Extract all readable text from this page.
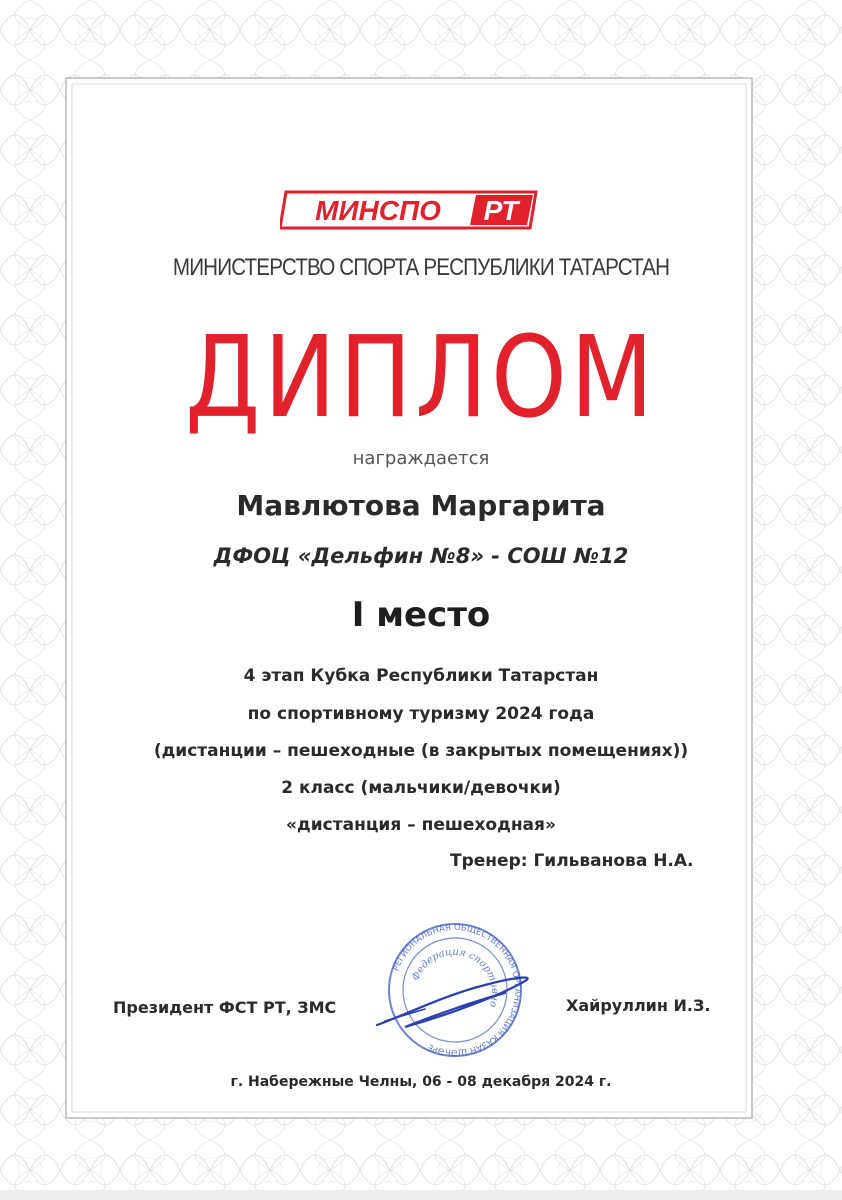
МИНСПО РТ
МИНИСТЕРСТВО СПОРТА РЕСПУБЛИКИ ТАТАРСТАН
ДИПЛОМ
награждается
Мавлютова Маргарита
ДФОЦ «Дельфин №8» - СОШ №12
I место
4 этап Кубка Республики Татарстан
по спортивному туризму 2024 года
(дистанции – пешеходные (в закрытых помещениях))
2 класс (мальчики/девочки)
«дистанция – пешеходная»
Тренер: Гильванова Н.А.
Президент ФСТ РТ, ЗМС	Хайруллин И.З.
РЕГИОНАЛЬНАЯ ОБЩЕСТВЕННАЯ ОРГАНИЗАЦИЯ КАЗАН ШӘҺӘРЕ
Федерация спортивного
г. Набережные Челны, 06 - 08 декабря 2024 г.
